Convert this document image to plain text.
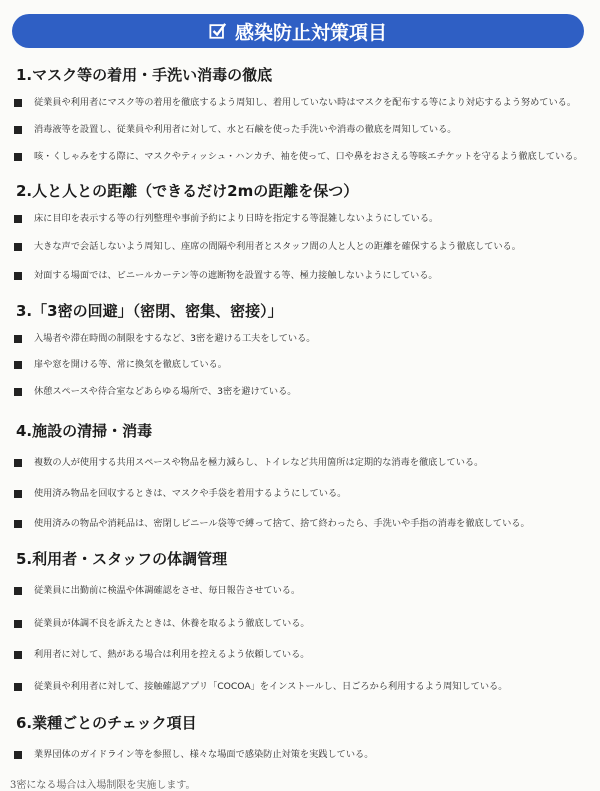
感染防止対策項目
1.マスク等の着用・手洗い消毒の徹底
従業員や利用者にマスク等の着用を徹底するよう周知し、着用していない時はマスクを配布する等により対応するよう努めている。
消毒液等を設置し、従業員や利用者に対して、水と石鹸を使った手洗いや消毒の徹底を周知している。
咳・くしゃみをする際に、マスクやティッシュ・ハンカチ、袖を使って、口や鼻をおさえる等咳エチケットを守るよう徹底している。
2.人と人との距離（できるだけ2mの距離を保つ）
床に目印を表示する等の行列整理や事前予約により日時を指定する等混雑しないようにしている。
大きな声で会話しないよう周知し、座席の間隔や利用者とスタッフ間の人と人との距離を確保するよう徹底している。
対面する場面では、ビニールカーテン等の遮断物を設置する等、極力接触しないようにしている。
3.「3密の回避」（密閉、密集、密接）」
入場者や滞在時間の制限をするなど、3密を避ける工夫をしている。
扉や窓を開ける等、常に換気を徹底している。
休憩スペースや待合室などあらゆる場所で、3密を避けている。
4.施設の清掃・消毒
複数の人が使用する共用スペースや物品を極力減らし、トイレなど共用箇所は定期的な消毒を徹底している。
使用済み物品を回収するときは、マスクや手袋を着用するようにしている。
使用済みの物品や消耗品は、密閉しビニール袋等で縛って捨て、捨て終わったら、手洗いや手指の消毒を徹底している。
5.利用者・スタッフの体調管理
従業員に出勤前に検温や体調確認をさせ、毎日報告させている。
従業員が体調不良を訴えたときは、休養を取るよう徹底している。
利用者に対して、熱がある場合は利用を控えるよう依頼している。
従業員や利用者に対して、接触確認アプリ「COCOA」をインストールし、日ごろから利用するよう周知している。
6.業種ごとのチェック項目
業界団体のガイドライン等を参照し、様々な場面で感染防止対策を実践している。
3密になる場合は入場制限を実施します。
